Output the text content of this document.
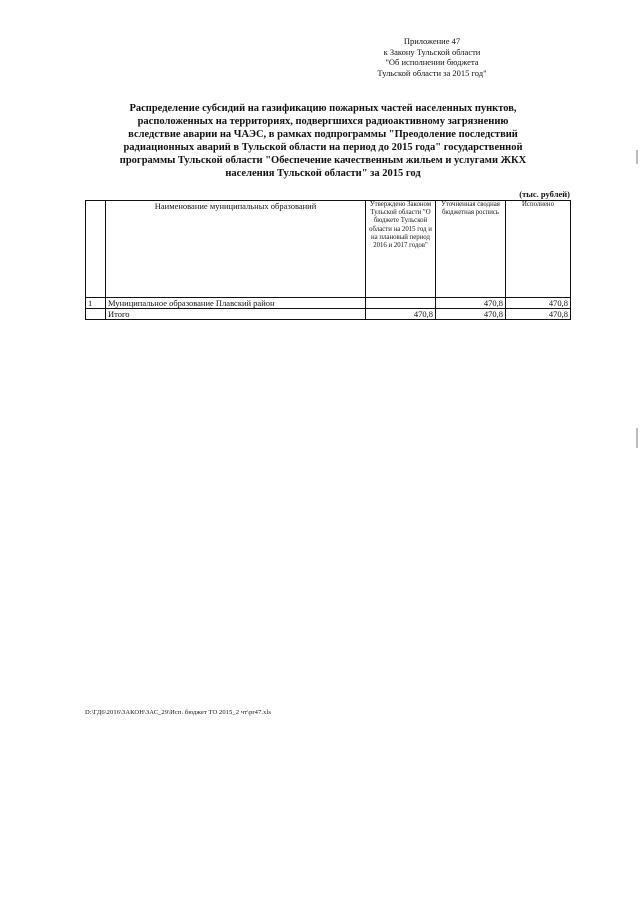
Приложение 47
к Закону Тульской области
"Об исполнении бюджета
Тульской области за 2015 год"
Распределение субсидий на газификацию пожарных частей населенных пунктов,
расположенных на территориях, подвергшихся радиоактивному загрязнению
вследствие аварии на ЧАЭС, в рамках подпрограммы "Преодоление последствий
радиационных аварий в Тульской области на период до 2015 года" государственной
программы Тульской области "Обеспечение качественным жильем и услугами ЖКХ
населения Тульской области" за 2015 год
(тыс. рублей)
	Наименование муниципальных образований	Утверждено Законом Тульской области "О бюджете Тульской области на 2015 год и на плановый период 2016 и 2017 годов"	Уточненная сводная бюджетная роспись	Исполнено
1	Муниципальное образование Плавский район		470,8	470,8
	Итого	470,8	470,8	470,8
D:\ГД6\2016\ЗАКОН\ЗАС_29\Исп. бюджет ТО 2015_2 чт\pr47.xls
